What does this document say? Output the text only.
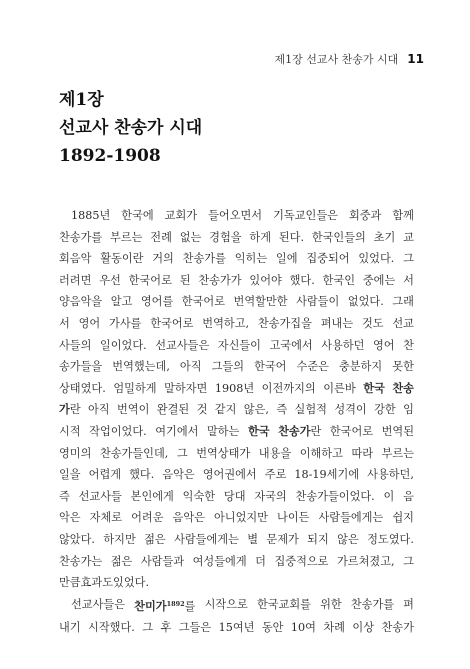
제1장 선교사 찬송가 시대 11
제1장
선교사 찬송가 시대
1892-1908
1885년 한국에 교회가 들어오면서 기독교인들은 회중과 함께
찬송가를 부르는 전례 없는 경험을 하게 된다. 한국인들의 초기 교
회음악 활동이란 거의 찬송가를 익히는 일에 집중되어 있었다. 그
러려면 우선 한국어로 된 찬송가가 있어야 했다. 한국인 중에는 서
양음악을 알고 영어를 한국어로 번역할만한 사람들이 없었다. 그래
서 영어 가사를 한국어로 번역하고, 찬송가집을 펴내는 것도 선교
사들의 일이었다. 선교사들은 자신들이 고국에서 사용하던 영어 찬
송가들을 번역했는데, 아직 그들의 한국어 수준은 충분하지 못한
상태였다. 엄밀하게 말하자면 1908년 이전까지의 이른바 한국 찬송
가란 아직 번역이 완결된 것 같지 않은, 즉 실험적 성격이 강한 임
시적 작업이었다. 여기에서 말하는 한국 찬송가란 한국어로 번역된
영미의 찬송가들인데, 그 번역상태가 내용을 이해하고 따라 부르는
일을 어렵게 했다. 음악은 영어권에서 주로 18-19세기에 사용하던,
즉 선교사들 본인에게 익숙한 당대 자국의 찬송가들이었다. 이 음
악은 자체로 어려운 음악은 아니었지만 나이든 사람들에게는 쉽지
않았다. 하지만 젊은 사람들에게는 별 문제가 되지 않은 정도였다.
찬송가는 젊은 사람들과 여성들에게 더 집중적으로 가르쳐졌고, 그
만큼 효과도 있었다.
선교사들은 찬미가$^{1892}$를 시작으로 한국교회를 위한 찬송가를 펴
내기 시작했다. 그 후 그들은 15여년 동안 10여 차례 이상 찬송가
